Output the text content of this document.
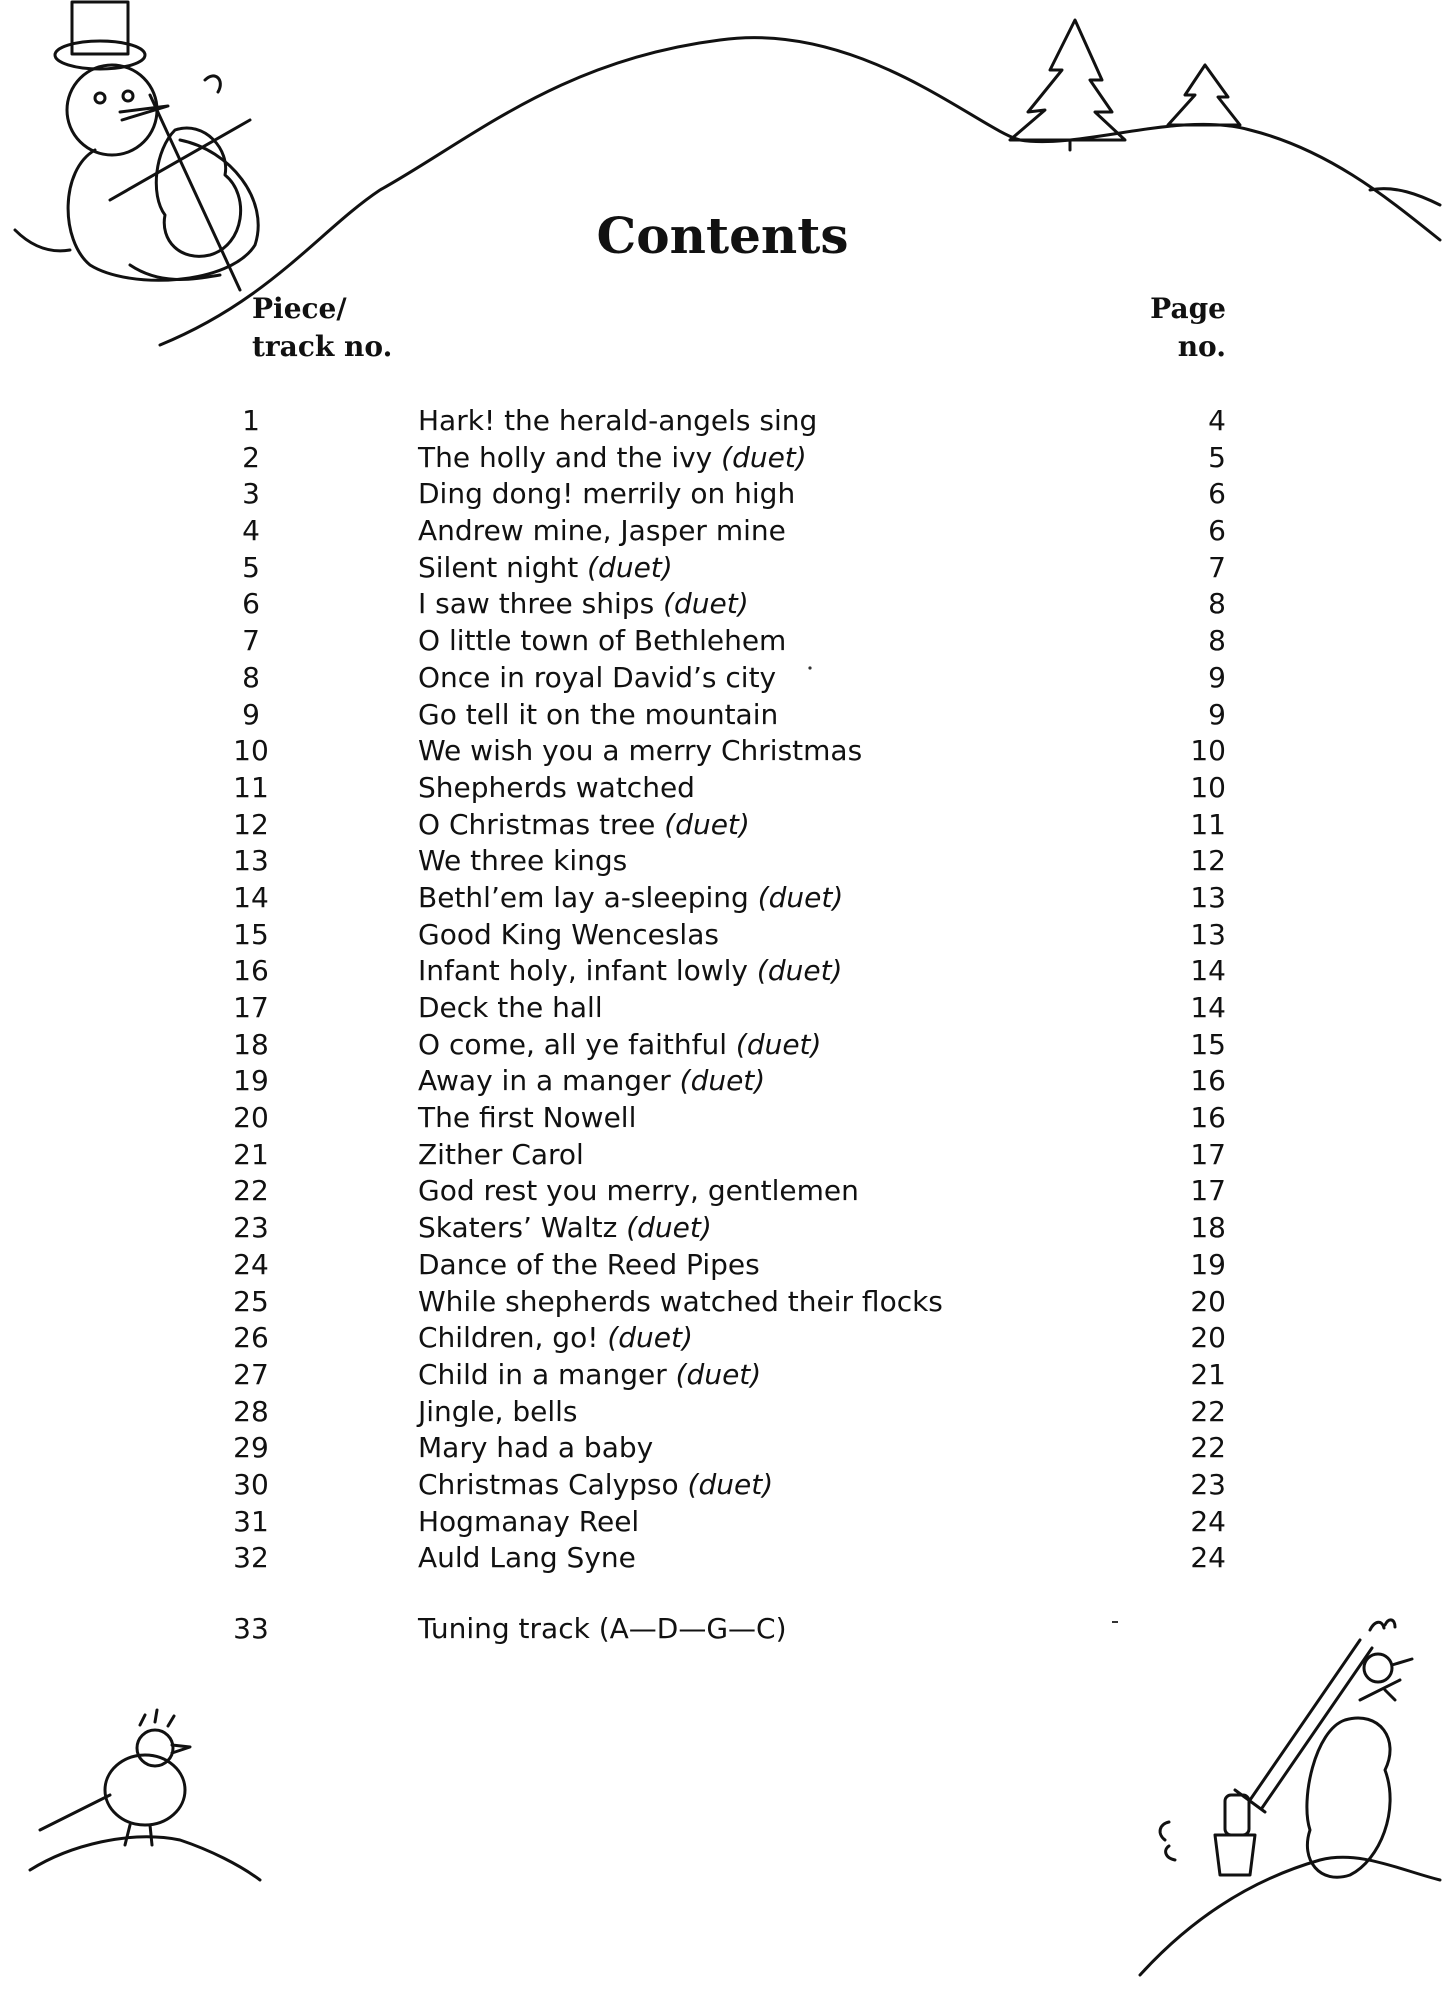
Contents
Piece/
track no.
Page
no.
1	Hark! the herald-angels sing	4
2	The holly and the ivy (duet)	5
3	Ding dong! merrily on high	6
4	Andrew mine, Jasper mine	6
5	Silent night (duet)	7
6	I saw three ships (duet)	8
7	O little town of Bethlehem	8
8	Once in royal David’s city	9
9	Go tell it on the mountain	9
10	We wish you a merry Christmas	10
11	Shepherds watched	10
12	O Christmas tree (duet)	11
13	We three kings	12
14	Bethl’em lay a-sleeping (duet)	13
15	Good King Wenceslas	13
16	Infant holy, infant lowly (duet)	14
17	Deck the hall	14
18	O come, all ye faithful (duet)	15
19	Away in a manger (duet)	16
20	The first Nowell	16
21	Zither Carol	17
22	God rest you merry, gentlemen	17
23	Skaters’ Waltz (duet)	18
24	Dance of the Reed Pipes	19
25	While shepherds watched their flocks	20
26	Children, go! (duet)	20
27	Child in a manger (duet)	21
28	Jingle, bells	22
29	Mary had a baby	22
30	Christmas Calypso (duet)	23
31	Hogmanay Reel	24
32	Auld Lang Syne	24
33	Tuning track (A—D—G—C)
